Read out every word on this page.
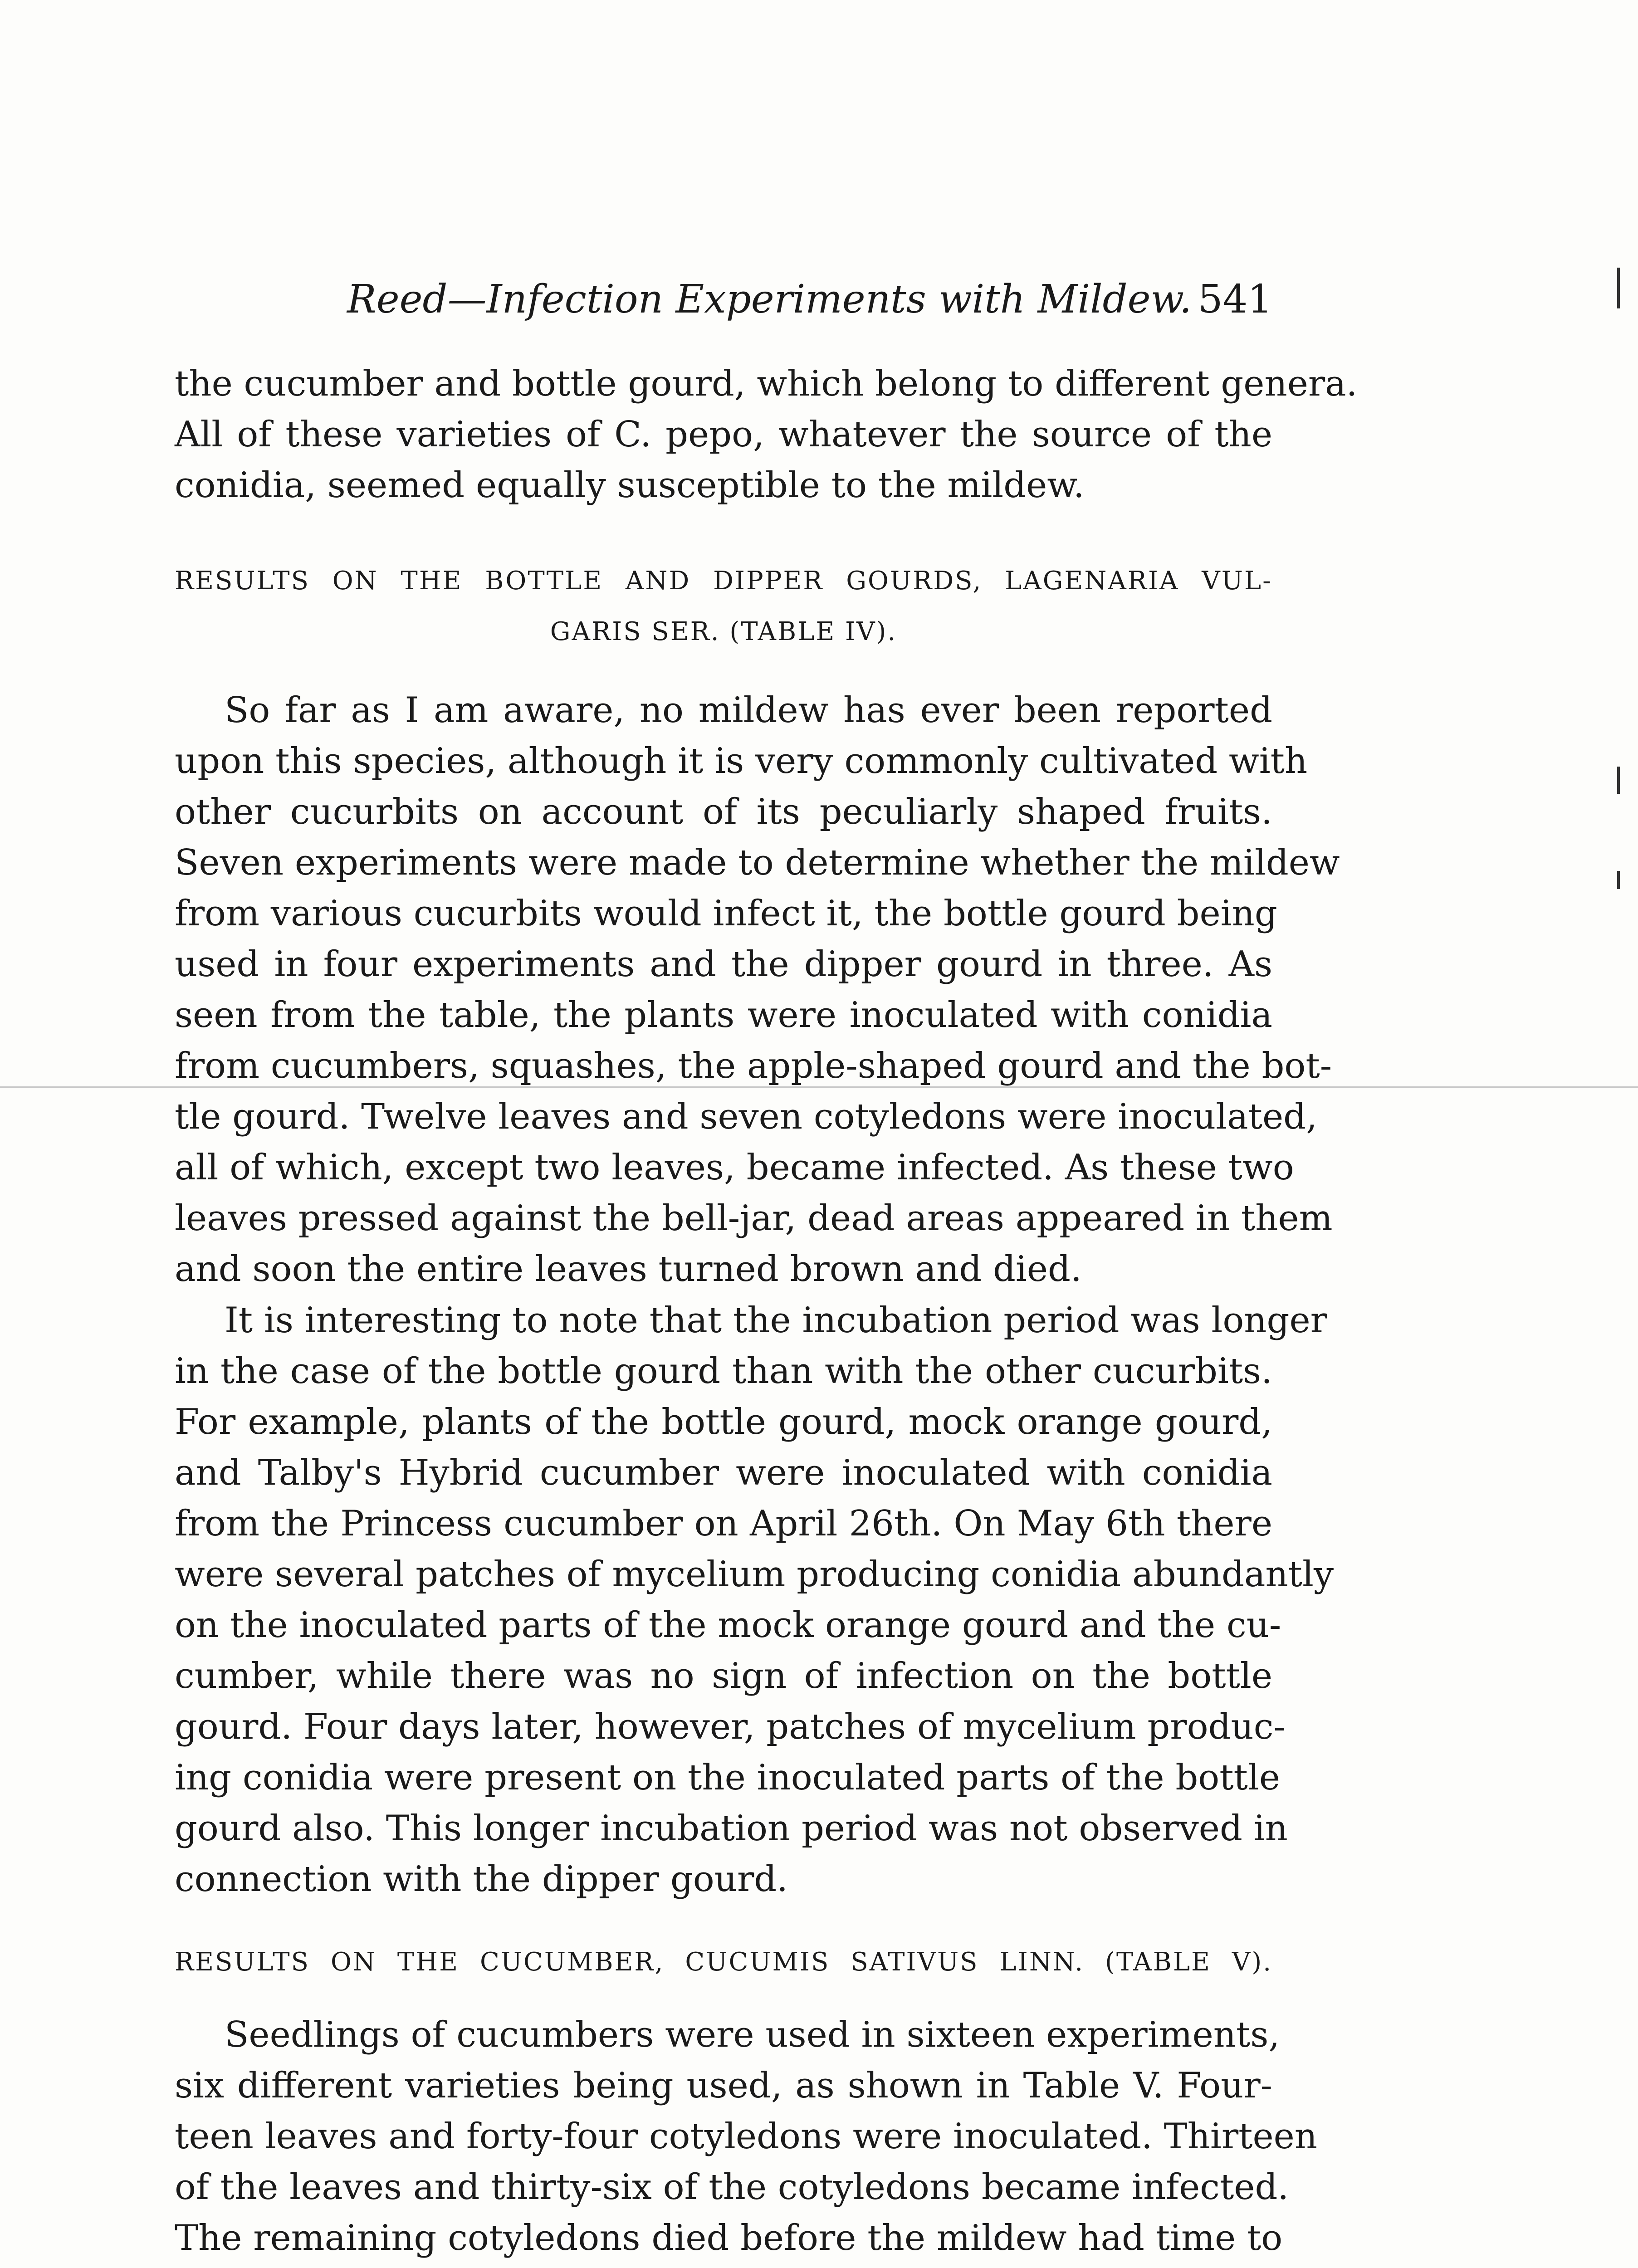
Reed—Infection Experiments with Mildew. 541
the cucumber and bottle gourd, which belong to different genera.
All of these varieties of C. pepo, whatever the source of the
conidia, seemed equally susceptible to the mildew.
RESULTS ON THE BOTTLE AND DIPPER GOURDS, LAGENARIA VUL-
GARIS SER. (TABLE IV).
So far as I am aware, no mildew has ever been reported
upon this species, although it is very commonly cultivated with
other cucurbits on account of its peculiarly shaped fruits.
Seven experiments were made to determine whether the mildew
from various cucurbits would infect it, the bottle gourd being
used in four experiments and the dipper gourd in three. As
seen from the table, the plants were inoculated with conidia
from cucumbers, squashes, the apple-shaped gourd and the bot-
tle gourd. Twelve leaves and seven cotyledons were inoculated,
all of which, except two leaves, became infected. As these two
leaves pressed against the bell-jar, dead areas appeared in them
and soon the entire leaves turned brown and died.
It is interesting to note that the incubation period was longer
in the case of the bottle gourd than with the other cucurbits.
For example, plants of the bottle gourd, mock orange gourd,
and Talby's Hybrid cucumber were inoculated with conidia
from the Princess cucumber on April 26th. On May 6th there
were several patches of mycelium producing conidia abundantly
on the inoculated parts of the mock orange gourd and the cu-
cumber, while there was no sign of infection on the bottle
gourd. Four days later, however, patches of mycelium produc-
ing conidia were present on the inoculated parts of the bottle
gourd also. This longer incubation period was not observed in
connection with the dipper gourd.
RESULTS ON THE CUCUMBER, CUCUMIS SATIVUS LINN. (TABLE V).
Seedlings of cucumbers were used in sixteen experiments,
six different varieties being used, as shown in Table V. Four-
teen leaves and forty-four cotyledons were inoculated. Thirteen
of the leaves and thirty-six of the cotyledons became infected.
The remaining cotyledons died before the mildew had time to
